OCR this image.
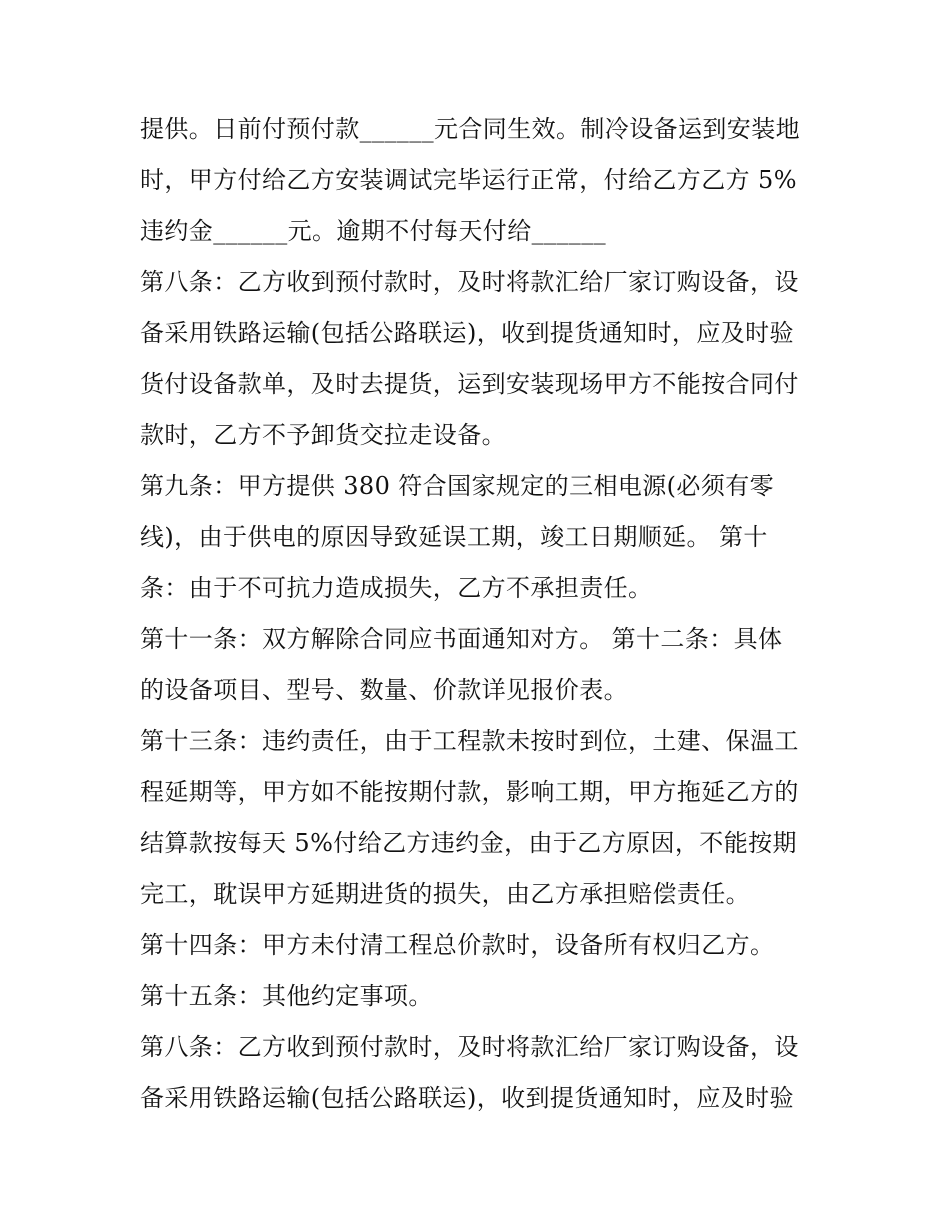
提供。日前付预付款______元合同生效。制冷设备运到安装地
时，甲方付给乙方安装调试完毕运行正常，付给乙方乙方 5%
违约金______元。逾期不付每天付给______
第八条：乙方收到预付款时，及时将款汇给厂家订购设备，设
备采用铁路运输(包括公路联运)，收到提货通知时，应及时验
货付设备款单，及时去提货，运到安装现场甲方不能按合同付
款时，乙方不予卸货交拉走设备。
第九条：甲方提供 380 符合国家规定的三相电源(必须有零
线)，由于供电的原因导致延误工期，竣工日期顺延。 第十
条：由于不可抗力造成损失，乙方不承担责任。
第十一条：双方解除合同应书面通知对方。 第十二条：具体
的设备项目、型号、数量、价款详见报价表。
第十三条：违约责任，由于工程款未按时到位，土建、保温工
程延期等，甲方如不能按期付款，影响工期，甲方拖延乙方的
结算款按每天 5%付给乙方违约金，由于乙方原因，不能按期
完工，耽误甲方延期进货的损失，由乙方承担赔偿责任。
第十四条：甲方未付清工程总价款时，设备所有权归乙方。
第十五条：其他约定事项。
第八条：乙方收到预付款时，及时将款汇给厂家订购设备，设
备采用铁路运输(包括公路联运)，收到提货通知时，应及时验
